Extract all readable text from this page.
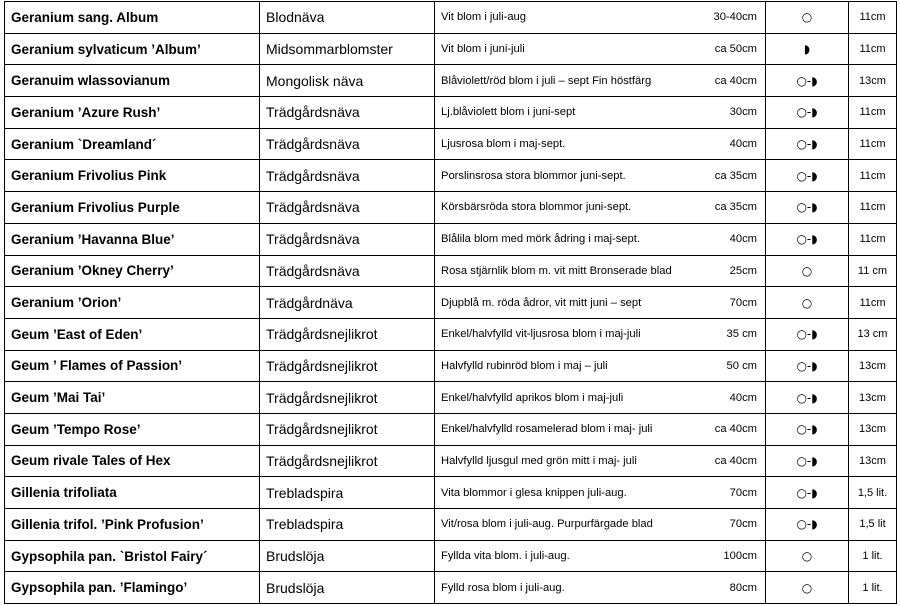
Geranium sang. Album	Blodnäva	Vit blom i juli-aug 30-40cm	○	11cm
Geranium sylvaticum ’Album’	Midsommarblomster	Vit blom i juni-juli ca 50cm	◗	11cm
Geranuim wlassovianum	Mongolisk näva	Blåviolett/röd blom i juli – sept Fin höstfärg ca 40cm	○-◗	13cm
Geranium ’Azure Rush’	Trädgårdsnäva	Lj.blåviolett blom i juni-sept 30cm	○-◗	11cm
Geranium `Dreamland´	Trädgårdsnäva	Ljusrosa blom i maj-sept. 40cm	○-◗	11cm
Geranium Frivolius Pink	Trädgårdsnäva	Porslinsrosa stora blommor juni-sept. ca 35cm	○-◗	11cm
Geranium Frivolius Purple	Trädgårdsnäva	Körsbärsröda stora blommor juni-sept. ca 35cm	○-◗	11cm
Geranium ’Havanna Blue’	Trädgårdsnäva	Blålila blom med mörk ådring i maj-sept. 40cm	○-◗	11cm
Geranium ’Okney Cherry’	Trädgårdsnäva	Rosa stjärnlik blom m. vit mitt Bronserade blad 25cm	○	11 cm
Geranium ’Orion’	Trädgårdnäva	Djupblå m. röda ådror, vit mitt juni – sept 70cm	○	11cm
Geum ’East of Eden’	Trädgårdsnejlikrot	Enkel/halvfylld vit-ljusrosa blom i maj-juli 35 cm	○-◗	13 cm
Geum ’ Flames of Passion’	Trädgårdsnejlikrot	Halvfylld rubinröd blom i maj – juli 50 cm	○-◗	13cm
Geum ’Mai Tai’	Trädgårdsnejlikrot	Enkel/halvfylld aprikos blom i maj-juli 40cm	○-◗	13cm
Geum ’Tempo Rose’	Trädgårdsnejlikrot	Enkel/halvfylld rosamelerad blom i maj- juli ca 40cm	○-◗	13cm
Geum rivale Tales of Hex	Trädgårdsnejlikrot	Halvfylld ljusgul med grön mitt i maj- juli ca 40cm	○-◗	13cm
Gillenia trifoliata	Trebladspira	Vita blommor i glesa knippen juli-aug. 70cm	○-◗	1,5 lit.
Gillenia trifol. ’Pink Profusion’	Trebladspira	Vit/rosa blom i juli-aug. Purpurfärgade blad 70cm	○-◗	1,5 lit
Gypsophila pan. `Bristol Fairy´	Brudslöja	Fyllda vita blom. i juli-aug. 100cm	○	1 lit.
Gypsophila pan. ’Flamingo’	Brudslöja	Fylld rosa blom i juli-aug. 80cm	○	1 lit.
